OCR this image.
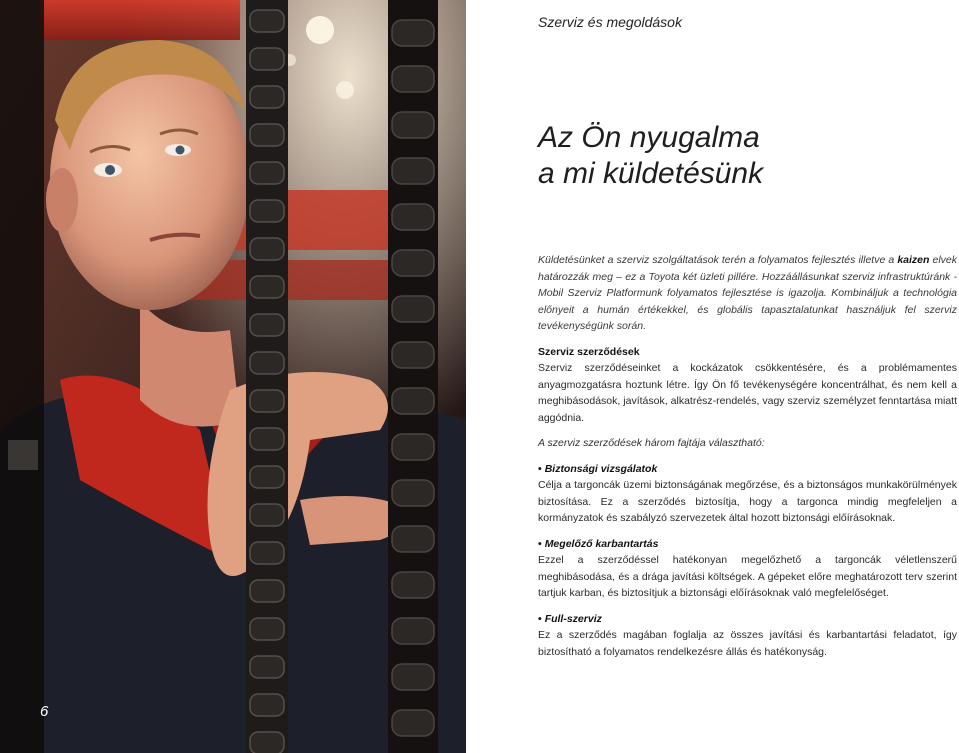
6
Szerviz és megoldások
Az Ön nyugalma
a mi küldetésünk

Küldetésünket a szerviz szolgáltatások terén a folyamatos fejlesztés illetve a kaizen elvek határozzák meg – ez a Toyota két üzleti pillére. Hozzáállásunkat szerviz infrastruktúránk - Mobil Szerviz Platformunk folyamatos fejlesztése is igazolja. Kombináljuk a technológia előnyeit a humán értékekkel, és globális tapasztalatunkat használjuk fel szerviz tevékenységünk során.

Szerviz szerződések

Szerviz szerződéseinket a kockázatok csökkentésére, és a problémamentes anyagmozgatásra hoztunk létre. Így Ön fő tevékenységére koncentrálhat, és nem kell a meghibásodások, javítások, alkatrész-rendelés, vagy szerviz személyzet fenntartása miatt aggódnia.

A szerviz szerződések három fajtája választható:

• Biztonsági vizsgálatok

Célja a targoncák üzemi biztonságának megőrzése, és a biztonságos munkakörülmények biztosítása. Ez a szerződés biztosítja, hogy a targonca mindig megfeleljen a kormányzatok és szabályzó szervezetek által hozott biztonsági előírásoknak.

• Megelőző karbantartás

Ezzel a szerződéssel hatékonyan megelőzhető a targoncák véletlenszerű meghibásodása, és a drága javítási költségek. A gépeket előre meghatározott terv szerint tartjuk karban, és biztosítjuk a biztonsági előírásoknak való megfelelőséget.

• Full-szerviz

Ez a szerződés magában foglalja az összes javítási és karbantartási feladatot, így biztosítható a folyamatos rendelkezésre állás és hatékonyság.
